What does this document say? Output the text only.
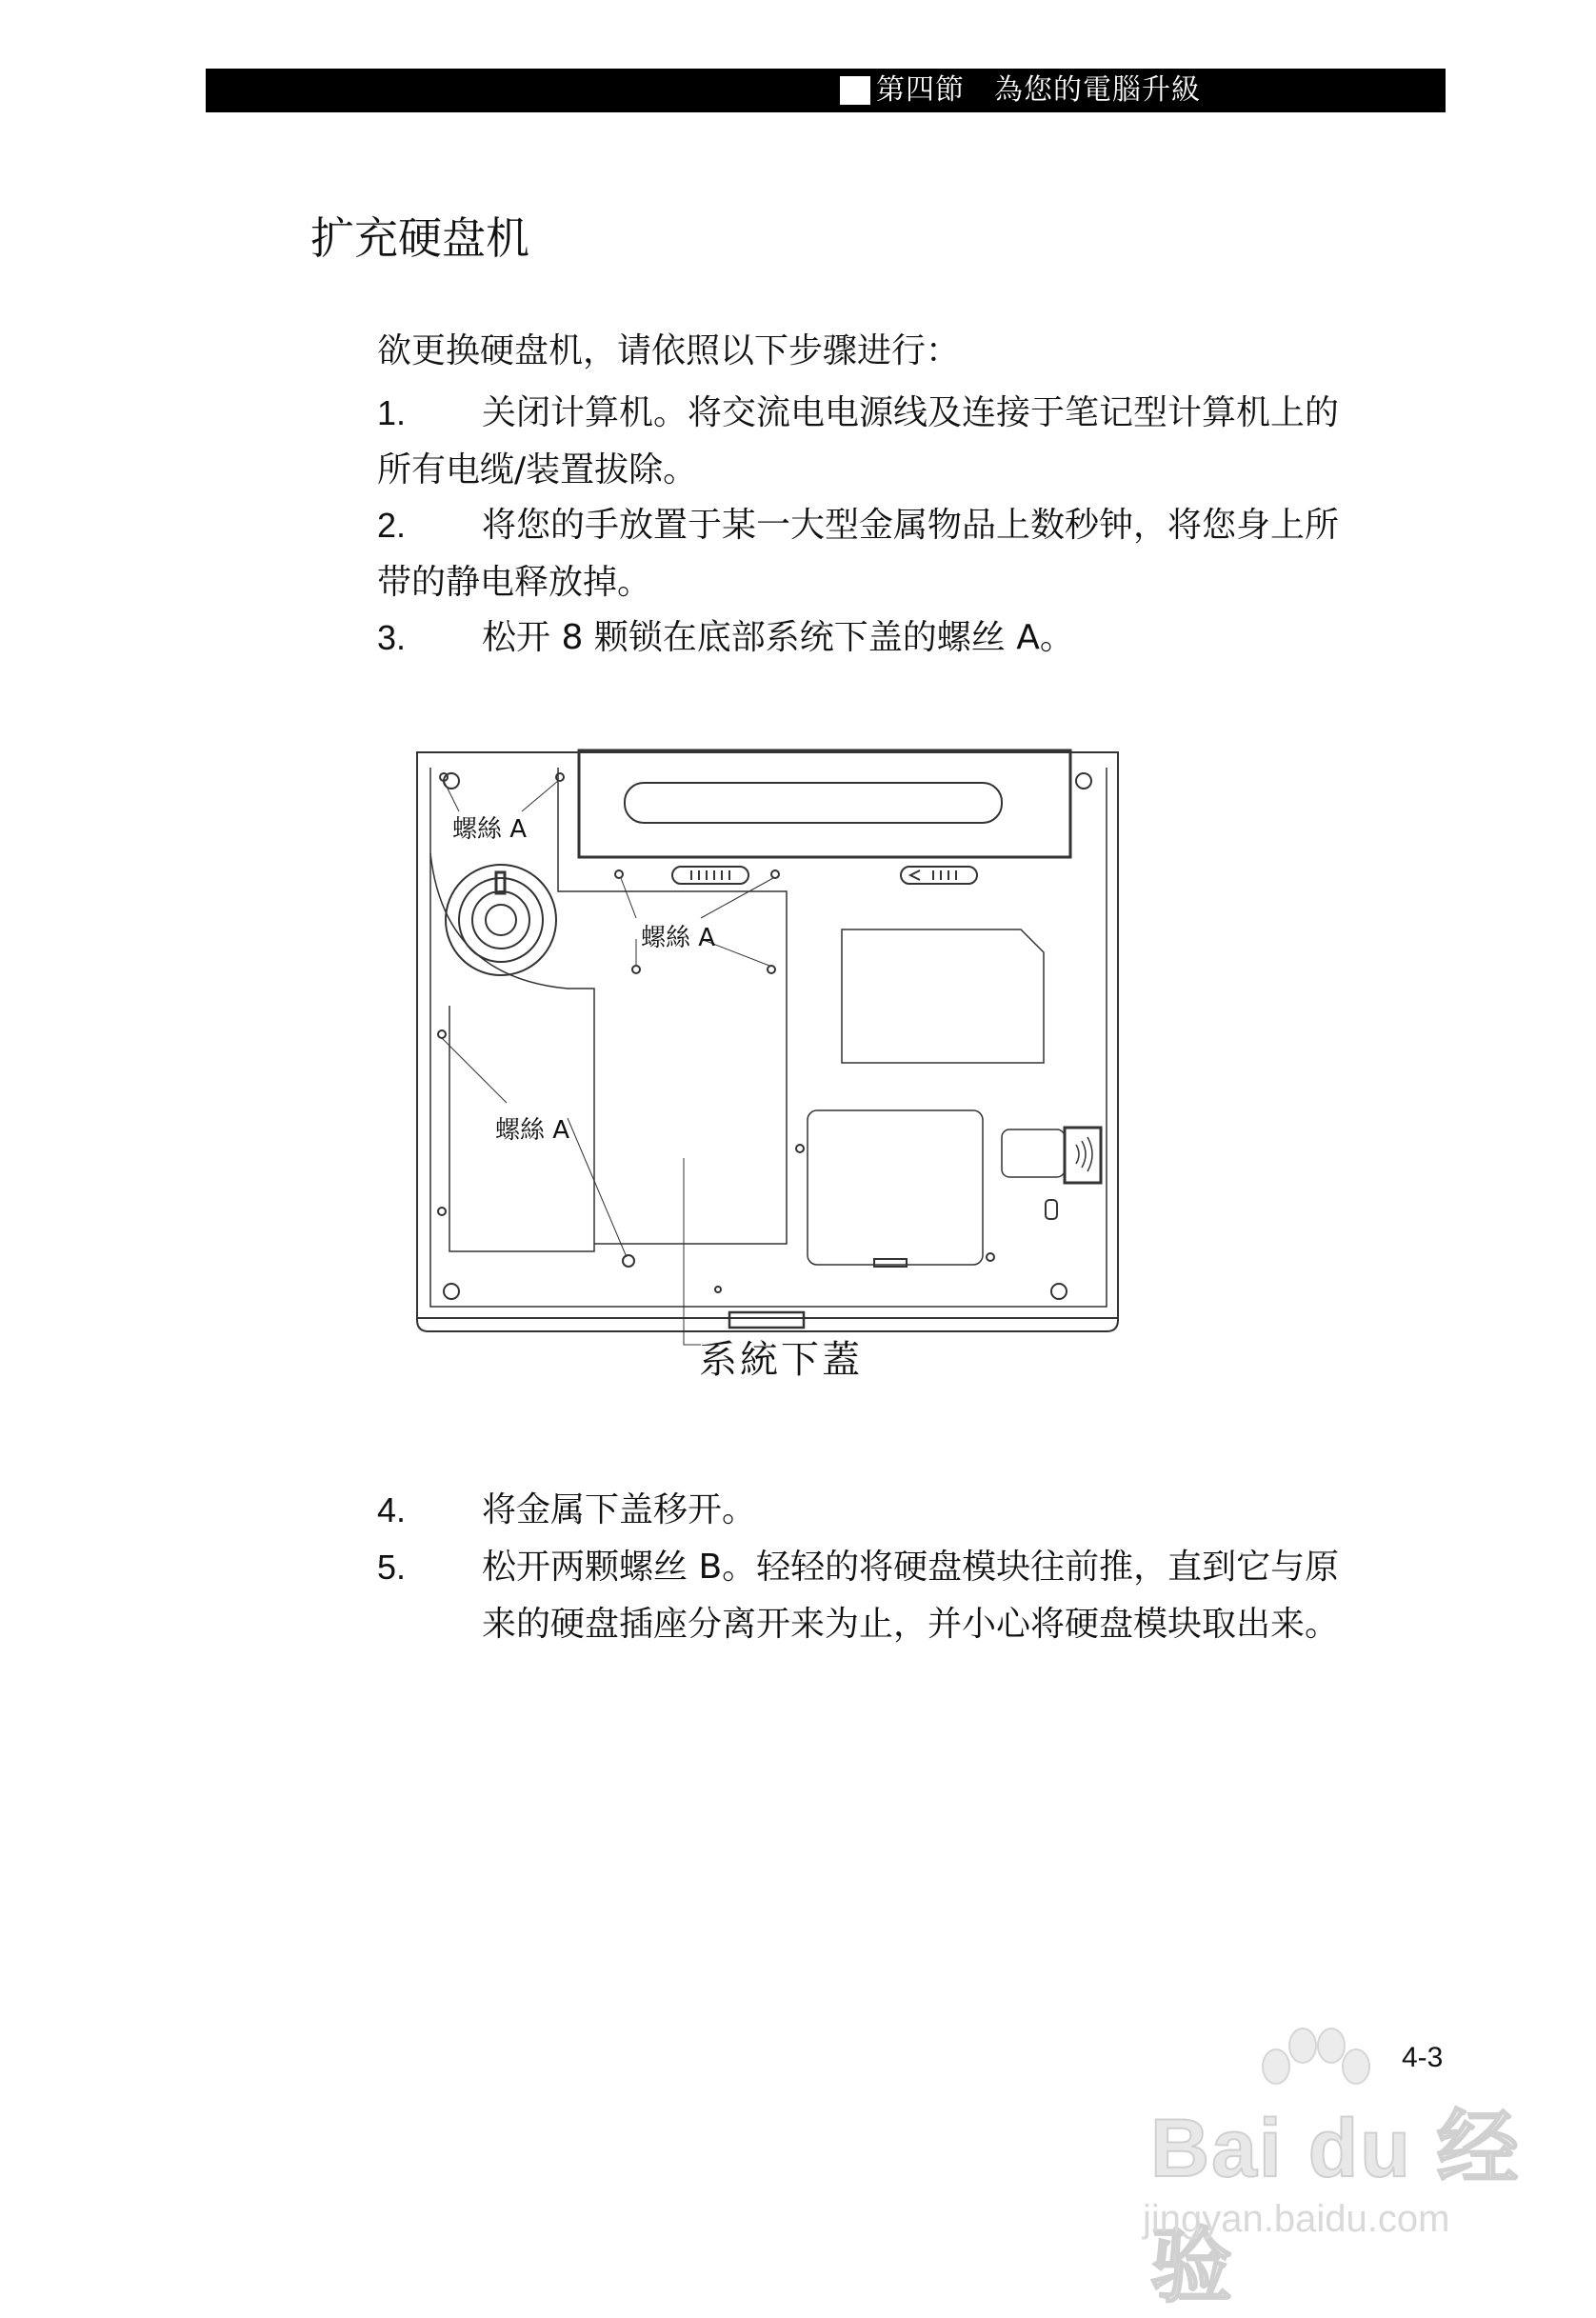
第四節　為您的電腦升級
扩充硬盘机
欲更换硬盘机，请依照以下步骤进行：
1.	关闭计算机。将交流电电源线及连接于笔记型计算机上的
所有电缆/装置拔除。
2.	将您的手放置于某一大型金属物品上数秒钟，将您身上所
带的静电释放掉。
3.	松开 8 颗锁在底部系统下盖的螺丝 A。
螺絲 A
螺絲 A
螺絲 A
系統下蓋
4.	将金属下盖移开。
5.	松开两颗螺丝 B。轻轻的将硬盘模块往前推，直到它与原
来的硬盘插座分离开来为止，并小心将硬盘模块取出来。
4-3
Bai du 经验
jingyan.baidu.com
